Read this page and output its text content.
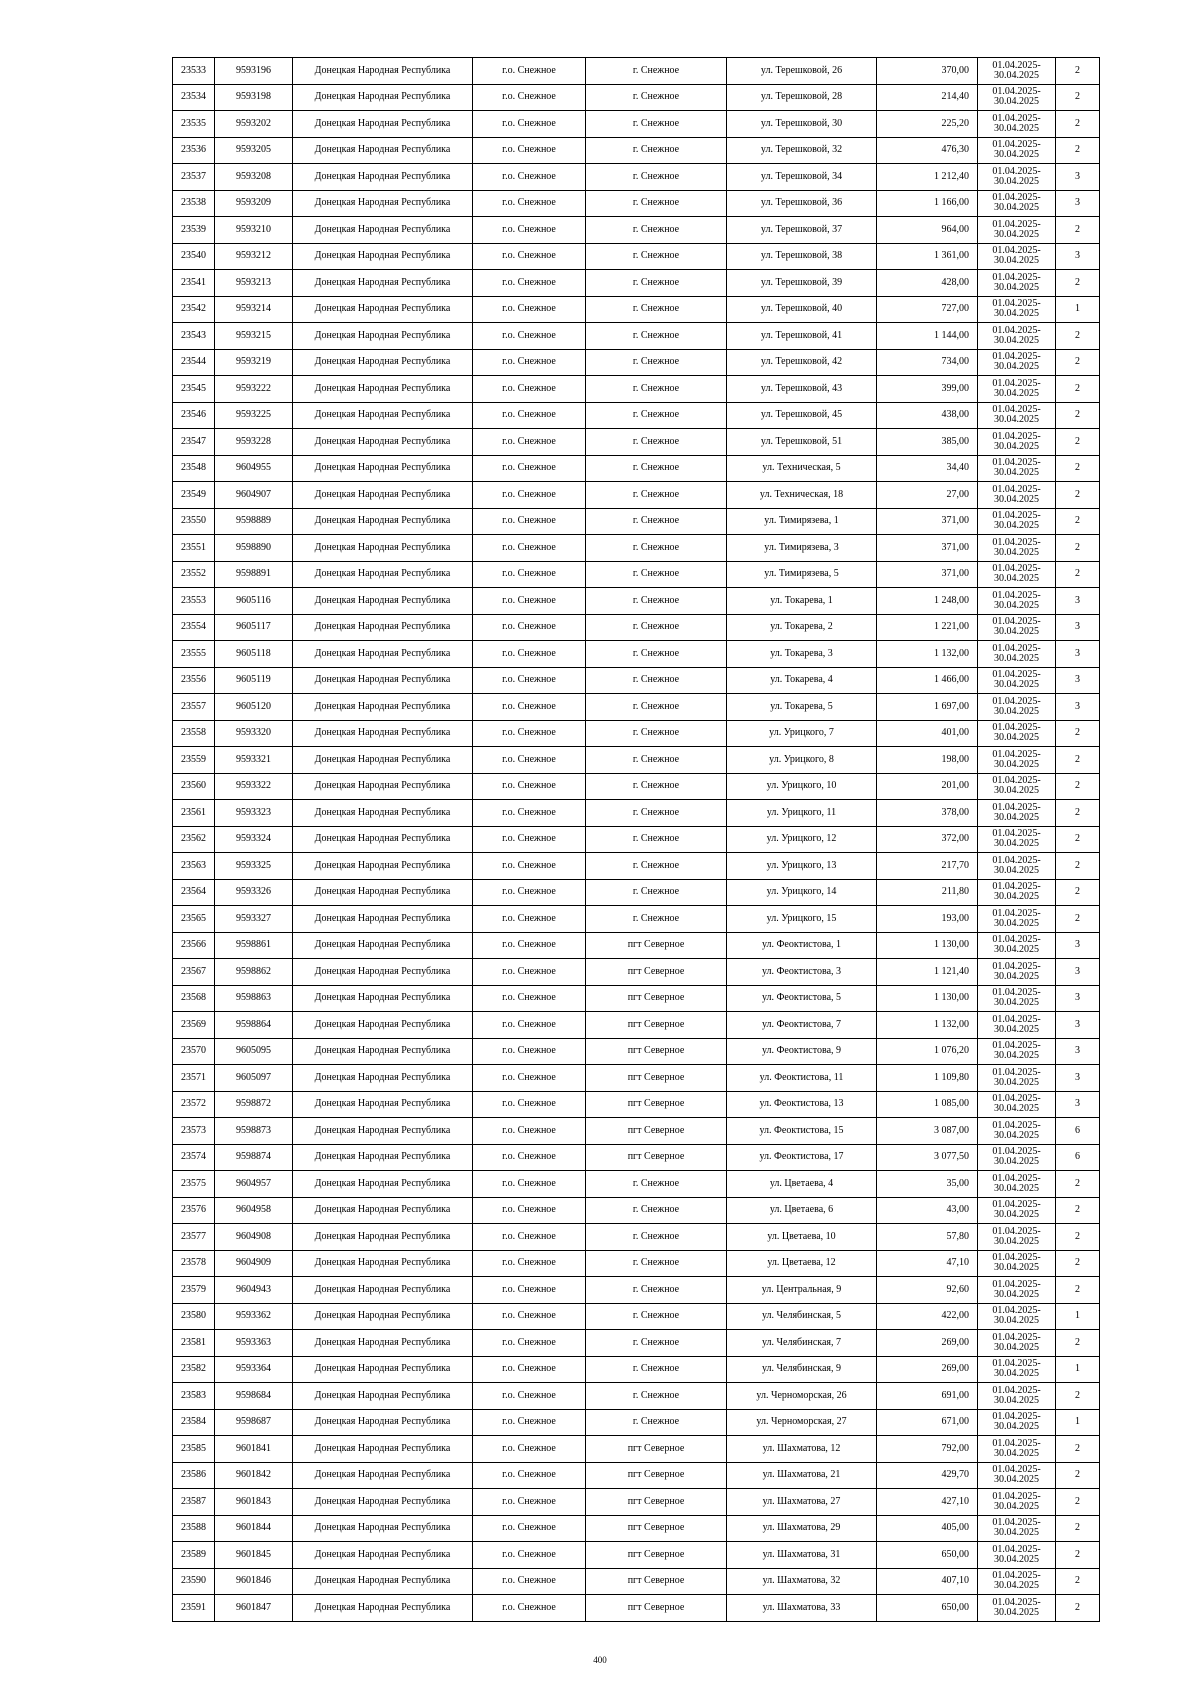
23533	9593196	Донецкая Народная Республика	г.о. Снежное	г. Снежное	ул. Терешковой, 26	370,00	01.04.2025-
30.04.2025	2
23534	9593198	Донецкая Народная Республика	г.о. Снежное	г. Снежное	ул. Терешковой, 28	214,40	01.04.2025-
30.04.2025	2
23535	9593202	Донецкая Народная Республика	г.о. Снежное	г. Снежное	ул. Терешковой, 30	225,20	01.04.2025-
30.04.2025	2
23536	9593205	Донецкая Народная Республика	г.о. Снежное	г. Снежное	ул. Терешковой, 32	476,30	01.04.2025-
30.04.2025	2
23537	9593208	Донецкая Народная Республика	г.о. Снежное	г. Снежное	ул. Терешковой, 34	1 212,40	01.04.2025-
30.04.2025	3
23538	9593209	Донецкая Народная Республика	г.о. Снежное	г. Снежное	ул. Терешковой, 36	1 166,00	01.04.2025-
30.04.2025	3
23539	9593210	Донецкая Народная Республика	г.о. Снежное	г. Снежное	ул. Терешковой, 37	964,00	01.04.2025-
30.04.2025	2
23540	9593212	Донецкая Народная Республика	г.о. Снежное	г. Снежное	ул. Терешковой, 38	1 361,00	01.04.2025-
30.04.2025	3
23541	9593213	Донецкая Народная Республика	г.о. Снежное	г. Снежное	ул. Терешковой, 39	428,00	01.04.2025-
30.04.2025	2
23542	9593214	Донецкая Народная Республика	г.о. Снежное	г. Снежное	ул. Терешковой, 40	727,00	01.04.2025-
30.04.2025	1
23543	9593215	Донецкая Народная Республика	г.о. Снежное	г. Снежное	ул. Терешковой, 41	1 144,00	01.04.2025-
30.04.2025	2
23544	9593219	Донецкая Народная Республика	г.о. Снежное	г. Снежное	ул. Терешковой, 42	734,00	01.04.2025-
30.04.2025	2
23545	9593222	Донецкая Народная Республика	г.о. Снежное	г. Снежное	ул. Терешковой, 43	399,00	01.04.2025-
30.04.2025	2
23546	9593225	Донецкая Народная Республика	г.о. Снежное	г. Снежное	ул. Терешковой, 45	438,00	01.04.2025-
30.04.2025	2
23547	9593228	Донецкая Народная Республика	г.о. Снежное	г. Снежное	ул. Терешковой, 51	385,00	01.04.2025-
30.04.2025	2
23548	9604955	Донецкая Народная Республика	г.о. Снежное	г. Снежное	ул. Техническая, 5	34,40	01.04.2025-
30.04.2025	2
23549	9604907	Донецкая Народная Республика	г.о. Снежное	г. Снежное	ул. Техническая, 18	27,00	01.04.2025-
30.04.2025	2
23550	9598889	Донецкая Народная Республика	г.о. Снежное	г. Снежное	ул. Тимирязева, 1	371,00	01.04.2025-
30.04.2025	2
23551	9598890	Донецкая Народная Республика	г.о. Снежное	г. Снежное	ул. Тимирязева, 3	371,00	01.04.2025-
30.04.2025	2
23552	9598891	Донецкая Народная Республика	г.о. Снежное	г. Снежное	ул. Тимирязева, 5	371,00	01.04.2025-
30.04.2025	2
23553	9605116	Донецкая Народная Республика	г.о. Снежное	г. Снежное	ул. Токарева, 1	1 248,00	01.04.2025-
30.04.2025	3
23554	9605117	Донецкая Народная Республика	г.о. Снежное	г. Снежное	ул. Токарева, 2	1 221,00	01.04.2025-
30.04.2025	3
23555	9605118	Донецкая Народная Республика	г.о. Снежное	г. Снежное	ул. Токарева, 3	1 132,00	01.04.2025-
30.04.2025	3
23556	9605119	Донецкая Народная Республика	г.о. Снежное	г. Снежное	ул. Токарева, 4	1 466,00	01.04.2025-
30.04.2025	3
23557	9605120	Донецкая Народная Республика	г.о. Снежное	г. Снежное	ул. Токарева, 5	1 697,00	01.04.2025-
30.04.2025	3
23558	9593320	Донецкая Народная Республика	г.о. Снежное	г. Снежное	ул. Урицкого, 7	401,00	01.04.2025-
30.04.2025	2
23559	9593321	Донецкая Народная Республика	г.о. Снежное	г. Снежное	ул. Урицкого, 8	198,00	01.04.2025-
30.04.2025	2
23560	9593322	Донецкая Народная Республика	г.о. Снежное	г. Снежное	ул. Урицкого, 10	201,00	01.04.2025-
30.04.2025	2
23561	9593323	Донецкая Народная Республика	г.о. Снежное	г. Снежное	ул. Урицкого, 11	378,00	01.04.2025-
30.04.2025	2
23562	9593324	Донецкая Народная Республика	г.о. Снежное	г. Снежное	ул. Урицкого, 12	372,00	01.04.2025-
30.04.2025	2
23563	9593325	Донецкая Народная Республика	г.о. Снежное	г. Снежное	ул. Урицкого, 13	217,70	01.04.2025-
30.04.2025	2
23564	9593326	Донецкая Народная Республика	г.о. Снежное	г. Снежное	ул. Урицкого, 14	211,80	01.04.2025-
30.04.2025	2
23565	9593327	Донецкая Народная Республика	г.о. Снежное	г. Снежное	ул. Урицкого, 15	193,00	01.04.2025-
30.04.2025	2
23566	9598861	Донецкая Народная Республика	г.о. Снежное	пгт Северное	ул. Феоктистова, 1	1 130,00	01.04.2025-
30.04.2025	3
23567	9598862	Донецкая Народная Республика	г.о. Снежное	пгт Северное	ул. Феоктистова, 3	1 121,40	01.04.2025-
30.04.2025	3
23568	9598863	Донецкая Народная Республика	г.о. Снежное	пгт Северное	ул. Феоктистова, 5	1 130,00	01.04.2025-
30.04.2025	3
23569	9598864	Донецкая Народная Республика	г.о. Снежное	пгт Северное	ул. Феоктистова, 7	1 132,00	01.04.2025-
30.04.2025	3
23570	9605095	Донецкая Народная Республика	г.о. Снежное	пгт Северное	ул. Феоктистова, 9	1 076,20	01.04.2025-
30.04.2025	3
23571	9605097	Донецкая Народная Республика	г.о. Снежное	пгт Северное	ул. Феоктистова, 11	1 109,80	01.04.2025-
30.04.2025	3
23572	9598872	Донецкая Народная Республика	г.о. Снежное	пгт Северное	ул. Феоктистова, 13	1 085,00	01.04.2025-
30.04.2025	3
23573	9598873	Донецкая Народная Республика	г.о. Снежное	пгт Северное	ул. Феоктистова, 15	3 087,00	01.04.2025-
30.04.2025	6
23574	9598874	Донецкая Народная Республика	г.о. Снежное	пгт Северное	ул. Феоктистова, 17	3 077,50	01.04.2025-
30.04.2025	6
23575	9604957	Донецкая Народная Республика	г.о. Снежное	г. Снежное	ул. Цветаева, 4	35,00	01.04.2025-
30.04.2025	2
23576	9604958	Донецкая Народная Республика	г.о. Снежное	г. Снежное	ул. Цветаева, 6	43,00	01.04.2025-
30.04.2025	2
23577	9604908	Донецкая Народная Республика	г.о. Снежное	г. Снежное	ул. Цветаева, 10	57,80	01.04.2025-
30.04.2025	2
23578	9604909	Донецкая Народная Республика	г.о. Снежное	г. Снежное	ул. Цветаева, 12	47,10	01.04.2025-
30.04.2025	2
23579	9604943	Донецкая Народная Республика	г.о. Снежное	г. Снежное	ул. Центральная, 9	92,60	01.04.2025-
30.04.2025	2
23580	9593362	Донецкая Народная Республика	г.о. Снежное	г. Снежное	ул. Челябинская, 5	422,00	01.04.2025-
30.04.2025	1
23581	9593363	Донецкая Народная Республика	г.о. Снежное	г. Снежное	ул. Челябинская, 7	269,00	01.04.2025-
30.04.2025	2
23582	9593364	Донецкая Народная Республика	г.о. Снежное	г. Снежное	ул. Челябинская, 9	269,00	01.04.2025-
30.04.2025	1
23583	9598684	Донецкая Народная Республика	г.о. Снежное	г. Снежное	ул. Черноморская, 26	691,00	01.04.2025-
30.04.2025	2
23584	9598687	Донецкая Народная Республика	г.о. Снежное	г. Снежное	ул. Черноморская, 27	671,00	01.04.2025-
30.04.2025	1
23585	9601841	Донецкая Народная Республика	г.о. Снежное	пгт Северное	ул. Шахматова, 12	792,00	01.04.2025-
30.04.2025	2
23586	9601842	Донецкая Народная Республика	г.о. Снежное	пгт Северное	ул. Шахматова, 21	429,70	01.04.2025-
30.04.2025	2
23587	9601843	Донецкая Народная Республика	г.о. Снежное	пгт Северное	ул. Шахматова, 27	427,10	01.04.2025-
30.04.2025	2
23588	9601844	Донецкая Народная Республика	г.о. Снежное	пгт Северное	ул. Шахматова, 29	405,00	01.04.2025-
30.04.2025	2
23589	9601845	Донецкая Народная Республика	г.о. Снежное	пгт Северное	ул. Шахматова, 31	650,00	01.04.2025-
30.04.2025	2
23590	9601846	Донецкая Народная Республика	г.о. Снежное	пгт Северное	ул. Шахматова, 32	407,10	01.04.2025-
30.04.2025	2
23591	9601847	Донецкая Народная Республика	г.о. Снежное	пгт Северное	ул. Шахматова, 33	650,00	01.04.2025-
30.04.2025	2
400
